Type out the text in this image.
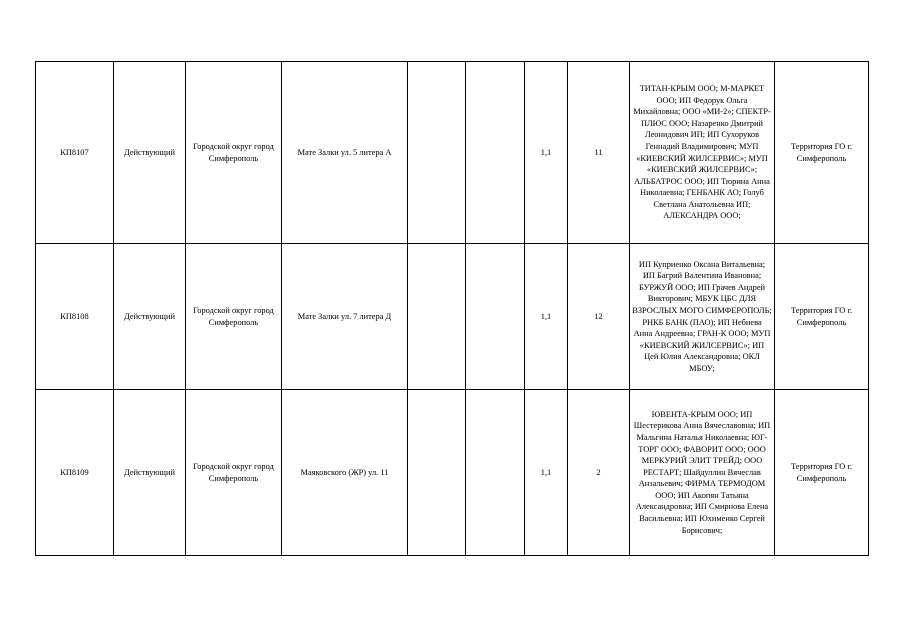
КП8107	Действующий	Городской округ город Симферополь	Мате Залки ул. 5 литера А			1,1	11	ТИТАН-КРЫМ ООО; М-МАРКЕТ ООО; ИП Федорук Ольга Михайловна; ООО «МИ-2»; СПЕКТР-ПЛЮС ООО; Назаренко Дмитрий Леонидович ИП; ИП Сухоруков Геннадий Владимирович; МУП «КИЕВСКИЙ ЖИЛСЕРВИС»; МУП «КИЕВСКИЙ ЖИЛСЕРВИС»; АЛЬБАТРОС ООО; ИП Тюрина Анна Николаевна; ГЕНБАНК АО; Голуб Светлана Анатольевна ИП; АЛЕКСАНДРА ООО;	Территория ГО г. Симферополь
КП8108	Действующий	Городской округ город Симферополь	Мате Залки ул. 7 литера Д			1,1	12	ИП Куприенко Оксана Витальевна; ИП Багрий Валентина Ивановна; БУРЖУЙ ООО; ИП Грачев Андрей Викторович; МБУК ЦБС ДЛЯ ВЗРОСЛЫХ МОГО СИМФЕРОПОЛЬ; РНКБ БАНК (ПАО); ИП Небиева Анна Андреевна; ГРАН-К ООО; МУП «КИЕВСКИЙ ЖИЛСЕРВИС»; ИП Цей Юлия Александровна; ОКЛ МБОУ;	Территория ГО г. Симферополь
КП8109	Действующий	Городской округ город Симферополь	Маяковского (ЖР) ул. 11			1,1	2	ЮВЕНТА-КРЫМ ООО; ИП Шестерикова Анна Вячеславовна; ИП Мальгина Наталья Николаевна; ЮГ-ТОРГ ООО; ФАВОРИТ ООО; ООО МЕРКУРИЙ ЭЛИТ ТРЕЙД; ООО РЕСТАРТ; Шайдуллин Вячеслав Анзальевич; ФИРМА ТЕРМОДОМ ООО; ИП Акопян Татьяна Александровна; ИП Смирнова Елена Васильевна; ИП Юхименко Сергей Борисович;	Территория ГО г. Симферополь
